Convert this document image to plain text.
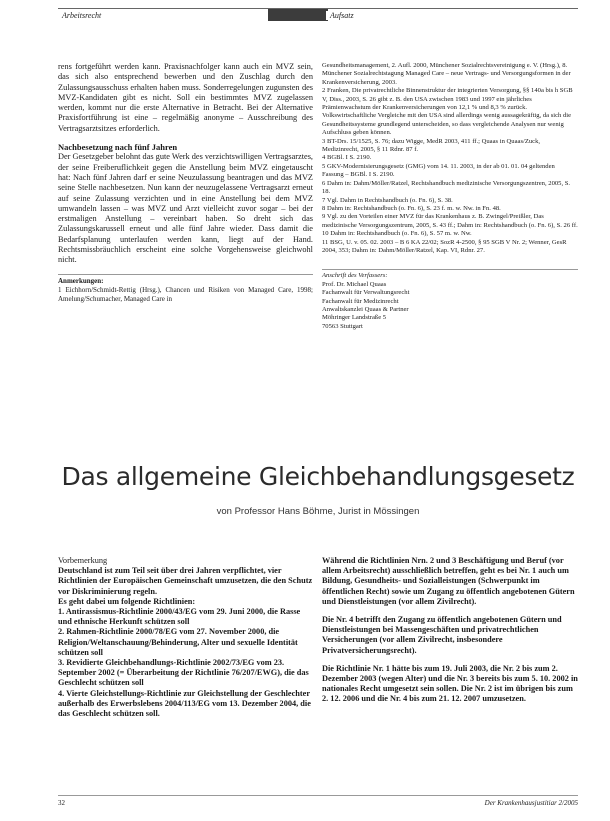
Arbeitsrecht	Aufsatz

rens fortgeführt werden kann. Praxisnachfolger kann auch ein MVZ sein, das sich also entsprechend bewerben und den Zuschlag durch den Zulassungsausschuss erhalten haben muss. Sonderregelungen zugunsten des MVZ-Kandidaten gibt es nicht. Soll ein bestimmtes MVZ zugelassen werden, kommt nur die erste Alternative in Betracht. Bei der Alternative Praxisfortführung ist eine – regelmäßig anonyme – Ausschreibung des Vertragsarztsitzes erforderlich.

Nachbesetzung nach fünf Jahren

Der Gesetzgeber belohnt das gute Werk des verzichtswilligen Vertragsarztes, der seine Freiberuflichkeit gegen die Anstellung beim MVZ eingetauscht hat: Nach fünf Jahren darf er seine Neuzulassung beantragen und das MVZ seine Stelle nachbesetzen. Nun kann der neuzugelassene Vertragsarzt erneut auf seine Zulassung verzichten und in eine Anstellung bei dem MVZ umwandeln lassen – was MVZ und Arzt vielleicht zuvor sogar – bei der erstmaligen Anstellung – vereinbart haben. So dreht sich das Zulassungskarussell erneut und alle fünf Jahre wieder. Dass damit die Bedarfsplanung unterlaufen werden kann, liegt auf der Hand. Rechtsmissbräuchlich erscheint eine solche Vorgehensweise gleichwohl nicht.

Anmerkungen:
1 Eichhorn/Schmidt-Rettig (Hrsg.), Chancen und Risiken von Managed Care, 1998; Amelung/Schumacher, Managed Care in

Gesundheitsmanagement, 2. Aufl. 2000, Münchener Sozialrechtsvereinigung e. V. (Hrsg.), 8. Münchener Sozialrechtstagung Managed Care – neue Vertrags- und Versorgungsformen in der Krankenversicherung, 2003.

2 Franken, Die privatrechtliche Binnenstruktur der integrierten Versorgung, §§ 140a bis h SGB V, Diss., 2003, S. 26 gibt z. B. den USA zwischen 1983 und 1997 ein jährliches Prämienwachstum der Krankenversicherungen von 12,1 % und 8,3 % zurück. Volkswirtschaftliche Vergleiche mit den USA sind allerdings wenig aussagekräftig, da sich die Gesundheitssysteme grundlegend unterscheiden, so dass vergleichende Analysen nur wenig Aufschluss geben können.

3 BT-Drs. 15/1525, S. 76; dazu Wigge, MedR 2003, 411 ff.; Quaas in Quaas/Zuck, Medizinrecht, 2005, § 11 Rdnr. 87 f.

4 BGBl. I S. 2190.

5 GKV-Modernisierungsgesetz (GMG) vom 14. 11. 2003, in der ab 01. 01. 04 geltenden Fassung – BGBl. I S. 2190.

6 Dahm in: Dahm/Möller/Ratzel, Rechtshandbuch medizinische Versorgungszentren, 2005, S. 18.

7 Vgl. Dahm in Rechtshandbuch (o. Fn. 6), S. 38.

8 Dahm in: Rechtshandbuch (o. Fn. 6), S. 23 f. m. w. Nw. in Fn. 48.

9 Vgl. zu den Vorteilen einer MVZ für das Krankenhaus z. B. Zwingel/Preißler, Das medizinische Versorgungszentrum, 2005, S. 43 ff.; Dahm in: Rechtshandbuch (o. Fn. 6), S. 26 ff.

10 Dahm in: Rechtshandbuch (o. Fn. 6), S. 57 m. w. Nw.

11 BSG, U. v. 05. 02. 2003 – B 6 KA 22/02; SozR 4-2500, § 95 SGB V Nr. 2; Wenner, GesR 2004, 353; Dahm in: Dahm/Möller/Ratzel, Kap. VI, Rdnr. 27.

Anschrift des Verfassers:
Prof. Dr. Michael Quaas
Fachanwalt für Verwaltungsrecht
Fachanwalt für Medizinrecht
Anwaltskanzlei Quaas & Partner
Möhringer Landstraße 5
70563 Stuttgart
Das allgemeine Gleichbehandlungsgesetz
von Professor Hans Böhme, Jurist in Mössingen

Vorbemerkung

Deutschland ist zum Teil seit über drei Jahren verpflichtet, vier Richtlinien der Europäischen Gemeinschaft umzusetzen, die den Schutz vor Diskriminierung regeln.

Es geht dabei um folgende Richtlinien:

1. Antirassismus-Richtlinie 2000/43/EG vom 29. Juni 2000, die Rasse und ethnische Herkunft schützen soll

2. Rahmen-Richtlinie 2000/78/EG vom 27. November 2000, die Religion/Weltanschauung/Behinderung, Alter und sexuelle Identität schützen soll

3. Revidierte Gleichbehandlungs-Richtlinie 2002/73/EG vom 23. September 2002 (= Überarbeitung der Richtlinie 76/207/EWG), die das Geschlecht schützen soll

4. Vierte Gleichstellungs-Richtlinie zur Gleichstellung der Geschlechter außerhalb des Erwerbslebens 2004/113/EG vom 13. Dezember 2004, die das Geschlecht schützen soll.

Während die Richtlinien Nrn. 2 und 3 Beschäftigung und Beruf (vor allem Arbeitsrecht) ausschließlich betreffen, geht es bei Nr. 1 auch um Bildung, Gesundheits- und Sozialleistungen (Schwerpunkt im öffentlichen Recht) sowie um Zugang zu öffentlich angebotenen Gütern und Dienstleistungen (vor allem Zivilrecht).

Die Nr. 4 betrifft den Zugang zu öffentlich angebotenen Gütern und Dienstleistungen bei Massengeschäften und privatrechtlichen Versicherungen (vor allem Zivilrecht, insbesondere Privatversicherungsrecht).

Die Richtlinie Nr. 1 hätte bis zum 19. Juli 2003, die Nr. 2 bis zum 2. Dezember 2003 (wegen Alter) und die Nr. 3 bereits bis zum 5. 10. 2002 in nationales Recht umgesetzt sein sollen. Die Nr. 2 ist im übrigen bis zum 2. 12. 2006 und die Nr. 4 bis zum 21. 12. 2007 umzusetzen.

32	Der Krankenhausjustitiar 2/2005
